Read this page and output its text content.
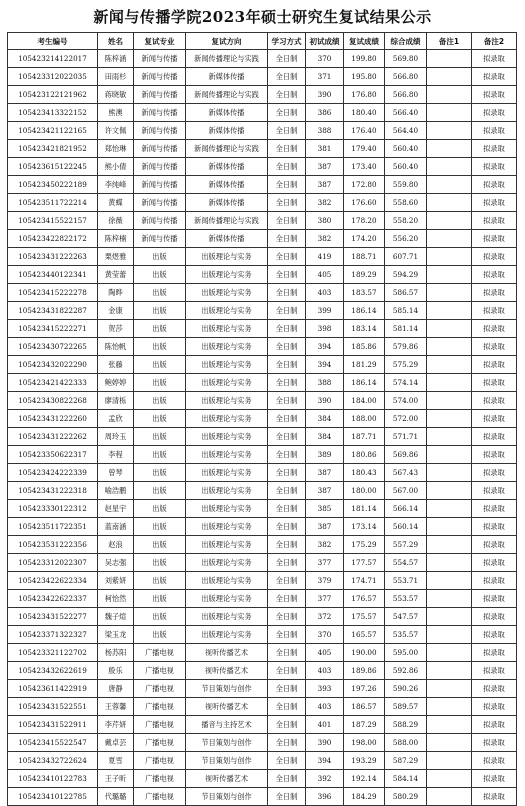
新闻与传播学院2023年硕士研究生复试结果公示
考生编号	姓名	复试专业	复试方向	学习方式	初试成绩	复试成绩	综合成绩	备注1	备注2
105423214122017	陈梓涵	新闻与传播	新闻传播理论与实践	全日制	370	199.80	569.80		拟录取
105423312022035	田雨杉	新闻与传播	新媒体传播	全日制	371	195.80	566.80		拟录取
105423122121962	蒋晓敏	新闻与传播	新闻传播理论与实践	全日制	390	176.80	566.80		拟录取
105423413322152	熊澳	新闻与传播	新媒体传播	全日制	386	180.40	566.40		拟录取
105423421122165	许文佩	新闻与传播	新媒体传播	全日制	388	176.40	564.40		拟录取
105423421821952	郑怡琳	新闻与传播	新闻传播理论与实践	全日制	381	179.40	560.40		拟录取
105423615122245	熊小倩	新闻与传播	新媒体传播	全日制	387	173.40	560.40		拟录取
105423450222189	李纯峰	新闻与传播	新媒体传播	全日制	387	172.80	559.80		拟录取
105423511722214	黄蝶	新闻与传播	新媒体传播	全日制	382	176.60	558.60		拟录取
105423415522157	徐薇	新闻与传播	新闻传播理论与实践	全日制	380	178.20	558.20		拟录取
105423422822172	陈梓楠	新闻与传播	新媒体传播	全日制	382	174.20	556.20		拟录取
105423431222263	栗煜雅	出版	出版理论与实务	全日制	419	188.71	607.71		拟录取
105423440122341	黄莹蕾	出版	出版理论与实务	全日制	405	189.29	594.29		拟录取
105423415222278	陶晔	出版	出版理论与实务	全日制	403	183.57	586.57		拟录取
105423431822287	金康	出版	出版理论与实务	全日制	399	186.14	585.14		拟录取
105423415222271	贺莎	出版	出版理论与实务	全日制	398	183.14	581.14		拟录取
105423430722265	陈怡帆	出版	出版理论与实务	全日制	394	185.86	579.86		拟录取
105423432022290	张藤	出版	出版理论与实务	全日制	394	181.29	575.29		拟录取
105423421422333	鲍婷婷	出版	出版理论与实务	全日制	388	186.14	574.14		拟录取
105423430822268	廖清栎	出版	出版理论与实务	全日制	390	184.00	574.00		拟录取
105423431222260	孟欣	出版	出版理论与实务	全日制	384	188.00	572.00		拟录取
105423431222262	周玲玉	出版	出版理论与实务	全日制	384	187.71	571.71		拟录取
105423350622317	李程	出版	出版理论与实务	全日制	389	180.86	569.86		拟录取
105423424222339	曾琴	出版	出版理论与实务	全日制	387	180.43	567.43		拟录取
105423431222318	喻浩鹏	出版	出版理论与实务	全日制	387	180.00	567.00		拟录取
105423330122312	赵星宇	出版	出版理论与实务	全日制	385	181.14	566.14		拟录取
105423511722351	蓝南涵	出版	出版理论与实务	全日制	387	173.14	560.14		拟录取
105423531222356	赵浪	出版	出版理论与实务	全日制	382	175.29	557.29		拟录取
105423312022307	吴志强	出版	出版理论与实务	全日制	377	177.57	554.57		拟录取
105423422622334	刘紫妍	出版	出版理论与实务	全日制	379	174.71	553.71		拟录取
105423422622337	柯怡然	出版	出版理论与实务	全日制	377	176.57	553.57		拟录取
105423431522277	魏子煊	出版	出版理论与实务	全日制	372	175.57	547.57		拟录取
105423371322327	梁玉龙	出版	出版理论与实务	全日制	370	165.57	535.57		拟录取
105423321122702	杨苏阳	广播电视	视听传播艺术	全日制	405	190.00	595.00		拟录取
105423432622619	殷乐	广播电视	视听传播艺术	全日制	403	189.86	592.86		拟录取
105423611422919	唐静	广播电视	节目策划与创作	全日制	393	197.26	590.26		拟录取
105423431522551	王蓉馨	广播电视	视听传播艺术	全日制	403	186.57	589.57		拟录取
105423431522911	李芹妍	广播电视	播音与主持艺术	全日制	401	187.29	588.29		拟录取
105423415522547	戴卓芸	广播电视	节目策划与创作	全日制	390	198.00	588.00		拟录取
105423432722624	夏雪	广播电视	节目策划与创作	全日制	394	193.29	587.29		拟录取
105423410122783	王子昕	广播电视	视听传播艺术	全日制	392	192.14	584.14		拟录取
105423410122785	代璐璐	广播电视	节目策划与创作	全日制	396	184.29	580.29		拟录取
